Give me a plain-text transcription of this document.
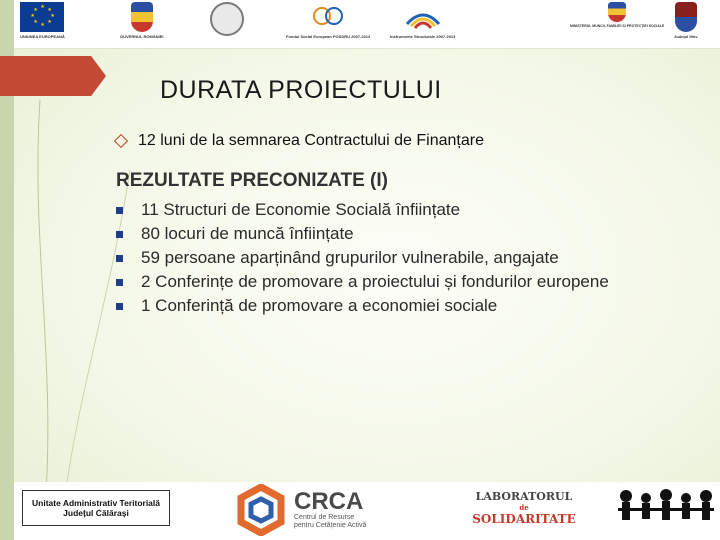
★ ★
★
★
★
★
★
★
UNIUNEA EUROPEANĂ	GUVERNUL ROMÂNIEI	Fondul Social European POSDRU 2007-2013	Instrumente Structurale 2007-2013
MINISTERUL MUNCII, FAMILIEI ȘI PROTECȚIEI SOCIALE
Județul Ilfov
DURATA PROIECTULUI
12 luni de la semnarea Contractului de Finanțare
REZULTATE PRECONIZATE (I)
11 Structuri de Economie Socială înființate
80 locuri de muncă înființate
59 persoane aparținând grupurilor vulnerabile, angajate
2 Conferințe de promovare a proiectului și fondurilor europene
1 Conferință de promovare a economiei sociale
Unitate Administrativ Teritorială
Județul Călărași	CRCA
Centrul de Resurse
pentru Cetățenie Activă
LABORATORUL
de
SOLIDARITATE
